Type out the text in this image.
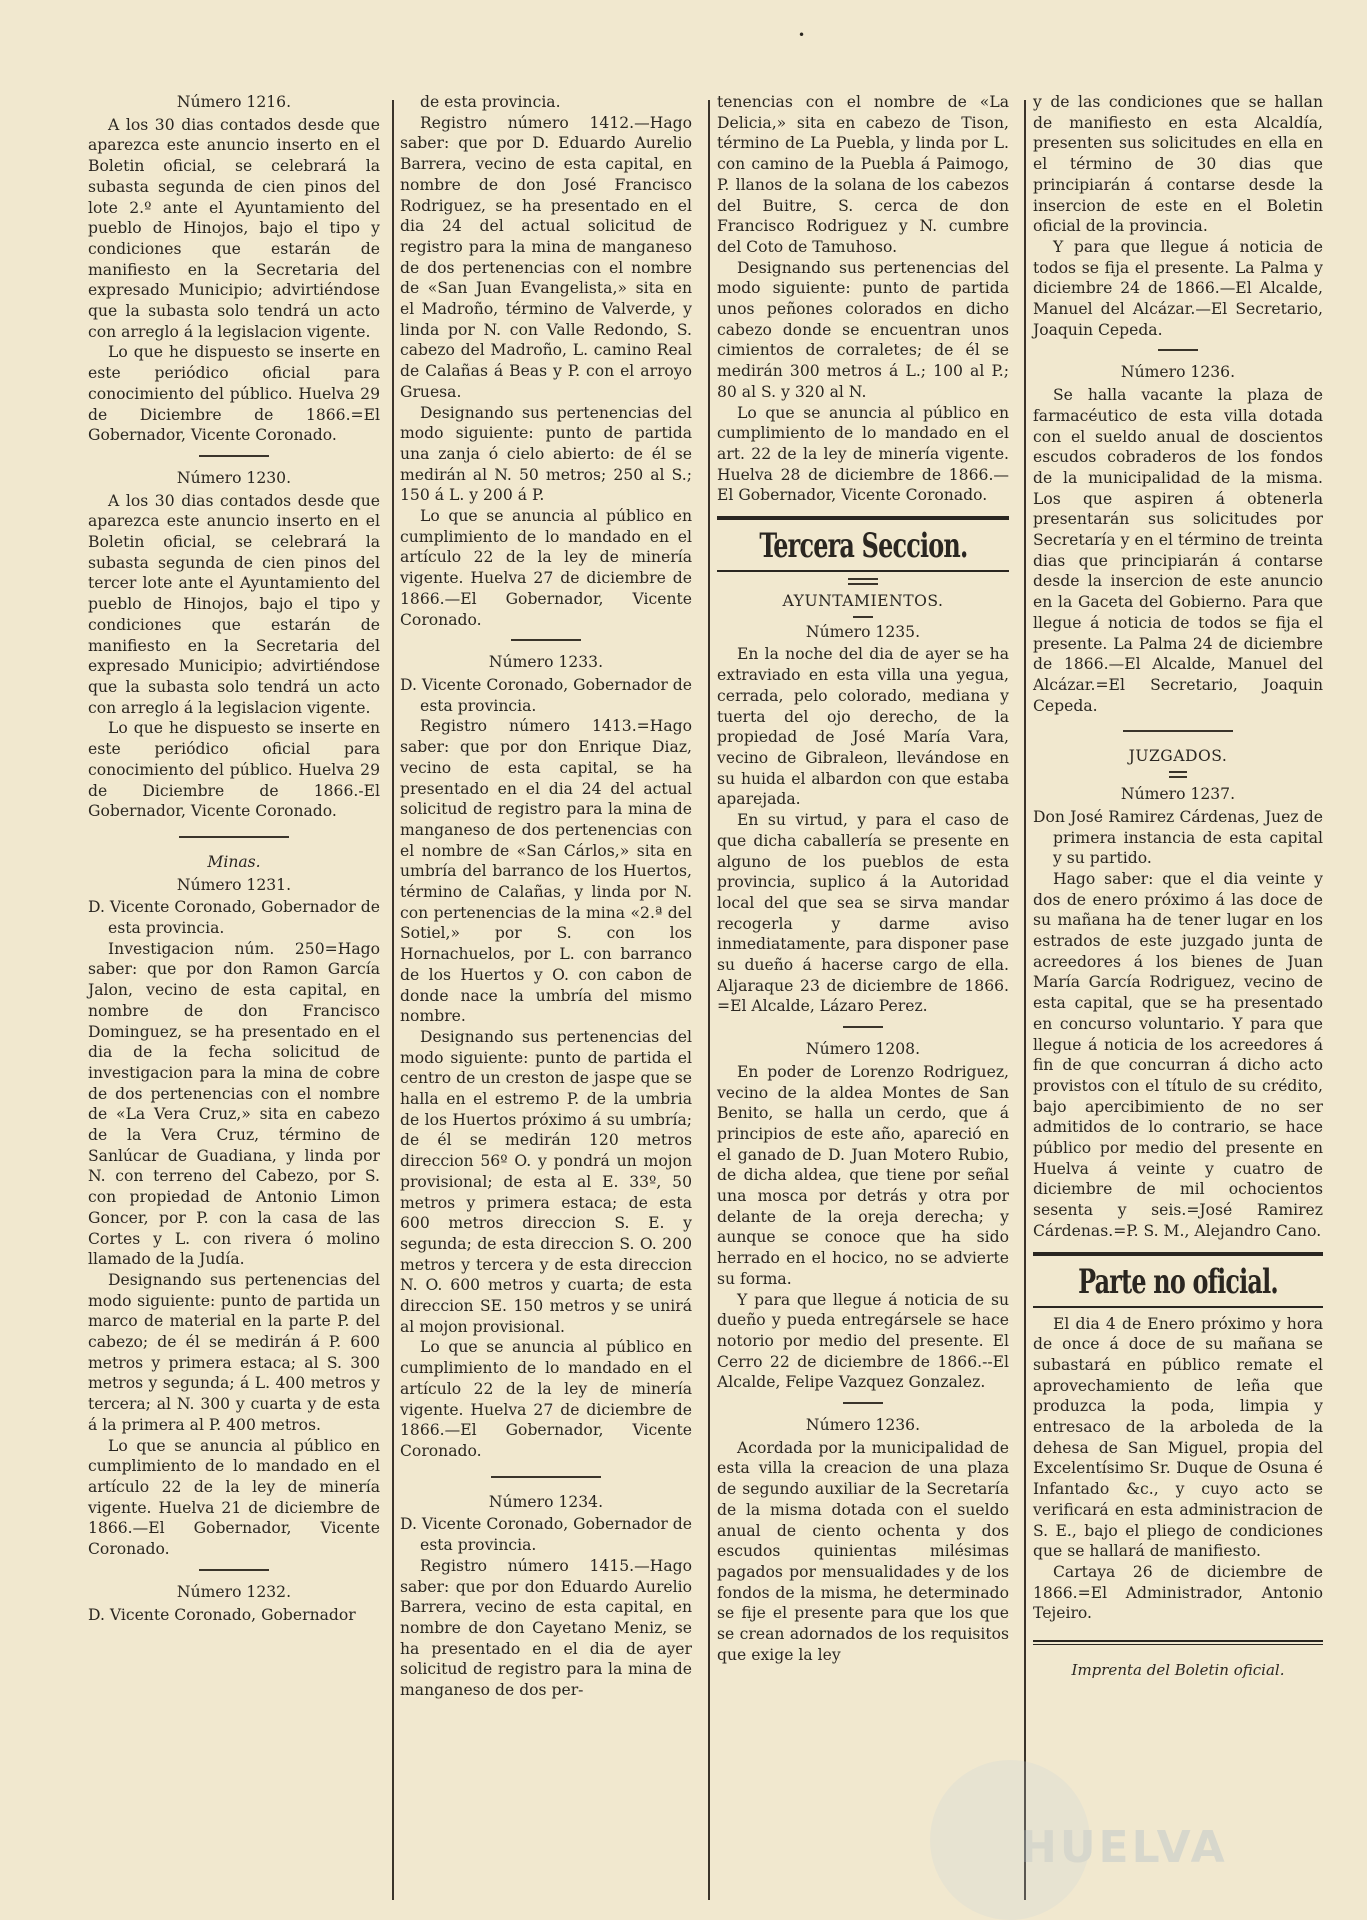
•

Número 1216.

A los 30 dias contados desde que aparezca este anuncio inserto en el Boletin oficial, se celebrará la subasta segunda de cien pinos del lote 2.º ante el Ayuntamiento del pueblo de Hinojos, bajo el tipo y condiciones que estarán de manifiesto en la Secretaria del expresado Municipio; advirtiéndose que la subasta solo tendrá un acto con arreglo á la legislacion vigente.

Lo que he dispuesto se inserte en este periódico oficial para conocimiento del público. Huelva 29 de Diciembre de 1866.=El Gobernador, Vicente Coronado.

Número 1230.

A los 30 dias contados desde que aparezca este anuncio inserto en el Boletin oficial, se celebrará la subasta segunda de cien pinos del tercer lote ante el Ayuntamiento del pueblo de Hinojos, bajo el tipo y condiciones que estarán de manifiesto en la Secretaria del expresado Municipio; advirtiéndose que la subasta solo tendrá un acto con arreglo á la legislacion vigente.

Lo que he dispuesto se inserte en este periódico oficial para conocimiento del público. Huelva 29 de Diciembre de 1866.-El Gobernador, Vicente Coronado.

Minas.

Número 1231.

D. Vicente Coronado, Gobernador de esta provincia.

Investigacion núm. 250=Hago saber: que por don Ramon García Jalon, vecino de esta capital, en nombre de don Francisco Dominguez, se ha presentado en el dia de la fecha solicitud de investigacion para la mina de cobre de dos pertenencias con el nombre de «La Vera Cruz,» sita en cabezo de la Vera Cruz, término de Sanlúcar de Guadiana, y linda por N. con terreno del Cabezo, por S. con propiedad de Antonio Limon Goncer, por P. con la casa de las Cortes y L. con rivera ó molino llamado de la Judía.

Designando sus pertenencias del modo siguiente: punto de partida un marco de material en la parte P. del cabezo; de él se medirán á P. 600 metros y primera estaca; al S. 300 metros y segunda; á L. 400 metros y tercera; al N. 300 y cuarta y de esta á la primera al P. 400 metros.

Lo que se anuncia al público en cumplimiento de lo mandado en el artículo 22 de la ley de minería vigente. Huelva 21 de diciembre de 1866.—El Gobernador, Vicente Coronado.

Número 1232.

D. Vicente Coronado, Gobernador

de esta provincia.

Registro número 1412.—Hago saber: que por D. Eduardo Aurelio Barrera, vecino de esta capital, en nombre de don José Francisco Rodriguez, se ha presentado en el dia 24 del actual solicitud de registro para la mina de manganeso de dos pertenencias con el nombre de «San Juan Evangelista,» sita en el Madroño, término de Valverde, y linda por N. con Valle Redondo, S. cabezo del Madroño, L. camino Real de Calañas á Beas y P. con el arroyo Gruesa.

Designando sus pertenencias del modo siguiente: punto de partida una zanja ó cielo abierto: de él se medirán al N. 50 metros; 250 al S.; 150 á L. y 200 á P.

Lo que se anuncia al público en cumplimiento de lo mandado en el artículo 22 de la ley de minería vigente. Huelva 27 de diciembre de 1866.—El Gobernador, Vicente Coronado.

Número 1233.

D. Vicente Coronado, Gobernador de esta provincia.

Registro número 1413.=Hago saber: que por don Enrique Diaz, vecino de esta capital, se ha presentado en el dia 24 del actual solicitud de registro para la mina de manganeso de dos pertenencias con el nombre de «San Cárlos,» sita en umbría del barranco de los Huertos, término de Calañas, y linda por N. con pertenencias de la mina «2.ª del Sotiel,» por S. con los Hornachuelos, por L. con barranco de los Huertos y O. con cabon de donde nace la umbría del mismo nombre.

Designando sus pertenencias del modo siguiente: punto de partida el centro de un creston de jaspe que se halla en el estremo P. de la umbria de los Huertos próximo á su umbría; de él se medirán 120 metros direccion 56º O. y pondrá un mojon provisional; de esta al E. 33º, 50 metros y primera estaca; de esta 600 metros direccion S. E. y segunda; de esta direccion S. O. 200 metros y tercera y de esta direccion N. O. 600 metros y cuarta; de esta direccion SE. 150 metros y se unirá al mojon provisional.

Lo que se anuncia al público en cumplimiento de lo mandado en el artículo 22 de la ley de minería vigente. Huelva 27 de diciembre de 1866.—El Gobernador, Vicente Coronado.

Número 1234.

D. Vicente Coronado, Gobernador de esta provincia.

Registro número 1415.—Hago saber: que por don Eduardo Aurelio Barrera, vecino de esta capital, en nombre de don Cayetano Meniz, se ha presentado en el dia de ayer solicitud de registro para la mina de manganeso de dos per-

tenencias con el nombre de «La Delicia,» sita en cabezo de Tison, término de La Puebla, y linda por L. con camino de la Puebla á Paimogo, P. llanos de la solana de los cabezos del Buitre, S. cerca de don Francisco Rodriguez y N. cumbre del Coto de Tamuhoso.

Designando sus pertenencias del modo siguiente: punto de partida unos peñones colorados en dicho cabezo donde se encuentran unos cimientos de corraletes; de él se medirán 300 metros á L.; 100 al P.; 80 al S. y 320 al N.

Lo que se anuncia al público en cumplimiento de lo mandado en el art. 22 de la ley de minería vigente. Huelva 28 de diciembre de 1866.—El Gobernador, Vicente Coronado.

Tercera Seccion.

AYUNTAMIENTOS.

Número 1235.

En la noche del dia de ayer se ha extraviado en esta villa una yegua, cerrada, pelo colorado, mediana y tuerta del ojo derecho, de la propiedad de José María Vara, vecino de Gibraleon, llevándose en su huida el albardon con que estaba aparejada.

En su virtud, y para el caso de que dicha caballería se presente en alguno de los pueblos de esta provincia, suplico á la Autoridad local del que sea se sirva mandar recogerla y darme aviso inmediatamente, para disponer pase su dueño á hacerse cargo de ella. Aljaraque 23 de diciembre de 1866. =El Alcalde, Lázaro Perez.

Número 1208.

En poder de Lorenzo Rodriguez, vecino de la aldea Montes de San Benito, se halla un cerdo, que á principios de este año, apareció en el ganado de D. Juan Motero Rubio, de dicha aldea, que tiene por señal una mosca por detrás y otra por delante de la oreja derecha; y aunque se conoce que ha sido herrado en el hocico, no se advierte su forma.

Y para que llegue á noticia de su dueño y pueda entregársele se hace notorio por medio del presente. El Cerro 22 de diciembre de 1866.--El Alcalde, Felipe Vazquez Gonzalez.

Número 1236.

Acordada por la municipalidad de esta villa la creacion de una plaza de segundo auxiliar de la Secretaría de la misma dotada con el sueldo anual de ciento ochenta y dos escudos quinientas milésimas pagados por mensualidades y de los fondos de la misma, he determinado se fije el presente para que los que se crean adornados de los requisitos que exige la ley

y de las condiciones que se hallan de manifiesto en esta Alcaldía, presenten sus solicitudes en ella en el término de 30 dias que principiarán á contarse desde la insercion de este en el Boletin oficial de la provincia.

Y para que llegue á noticia de todos se fija el presente. La Palma y diciembre 24 de 1866.—El Alcalde, Manuel del Alcázar.—El Secretario, Joaquin Cepeda.

Número 1236.

Se halla vacante la plaza de farmacéutico de esta villa dotada con el sueldo anual de doscientos escudos cobraderos de los fondos de la municipalidad de la misma. Los que aspiren á obtenerla presentarán sus solicitudes por Secretaría y en el término de treinta dias que principiarán á contarse desde la insercion de este anuncio en la Gaceta del Gobierno. Para que llegue á noticia de todos se fija el presente. La Palma 24 de diciembre de 1866.—El Alcalde, Manuel del Alcázar.=El Secretario, Joaquin Cepeda.

JUZGADOS.

Número 1237.

Don José Ramirez Cárdenas, Juez de primera instancia de esta capital y su partido.

Hago saber: que el dia veinte y dos de enero próximo á las doce de su mañana ha de tener lugar en los estrados de este juzgado junta de acreedores á los bienes de Juan María García Rodriguez, vecino de esta capital, que se ha presentado en concurso voluntario. Y para que llegue á noticia de los acreedores á fin de que concurran á dicho acto provistos con el título de su crédito, bajo apercibimiento de no ser admitidos de lo contrario, se hace público por medio del presente en Huelva á veinte y cuatro de diciembre de mil ochocientos sesenta y seis.=José Ramirez Cárdenas.=P. S. M., Alejandro Cano.

Parte no oficial.

El dia 4 de Enero próximo y hora de once á doce de su mañana se subastará en público remate el aprovechamiento de leña que produzca la poda, limpia y entresaco de la arboleda de la dehesa de San Miguel, propia del Excelentísimo Sr. Duque de Osuna é Infantado &c., y cuyo acto se verificará en esta administracion de S. E., bajo el pliego de condiciones que se hallará de manifiesto.

Cartaya 26 de diciembre de 1866.=El Administrador, Antonio Tejeiro.

Imprenta del Boletin oficial.

HUELVA
